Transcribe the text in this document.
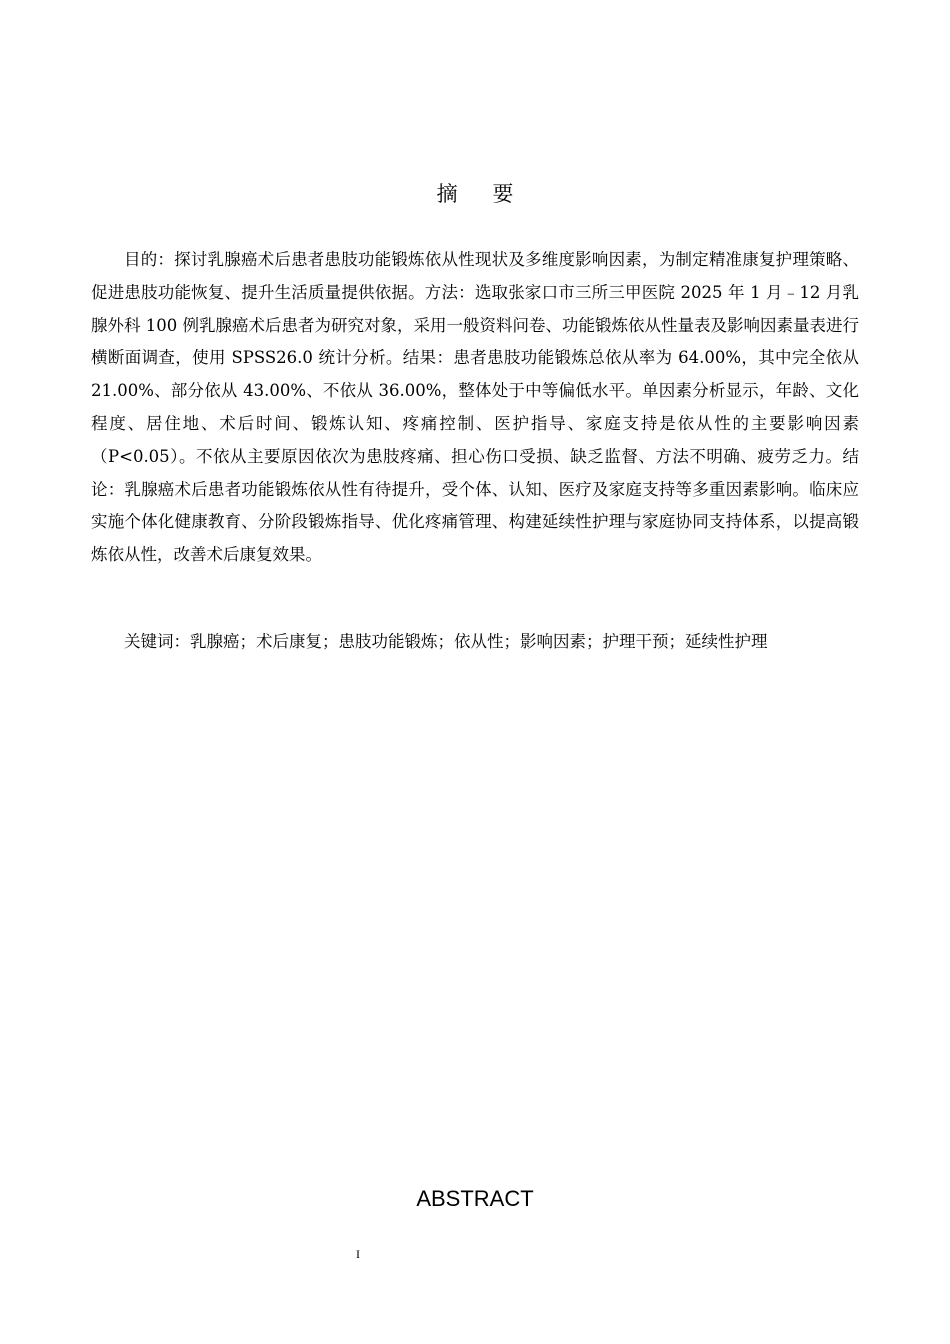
摘 要

目的：探讨乳腺癌术后患者患肢功能锻炼依从性现状及多维度影响因素，为制定精准康复护理策略、促进患肢功能恢复、提升生活质量提供依据。方法：选取张家口市三所三甲医院 2025 年 1 月﹣12 月乳腺外科 100 例乳腺癌术后患者为研究对象，采用一般资料问卷、功能锻炼依从性量表及影响因素量表进行横断面调查，使用 SPSS26.0 统计分析。结果：患者患肢功能锻炼总依从率为 64.00%，其中完全依从 21.00%、部分依从 43.00%、不依从 36.00%，整体处于中等偏低水平。单因素分析显示，年龄、文化程度、居住地、术后时间、锻炼认知、疼痛控制、医护指导、家庭支持是依从性的主要影响因素（P<0.05）。不依从主要原因依次为患肢疼痛、担心伤口受损、缺乏监督、方法不明确、疲劳乏力。结论：乳腺癌术后患者功能锻炼依从性有待提升，受个体、认知、医疗及家庭支持等多重因素影响。临床应实施个体化健康教育、分阶段锻炼指导、优化疼痛管理、构建延续性护理与家庭协同支持体系，以提高锻炼依从性，改善术后康复效果。

关键词：乳腺癌；术后康复；患肢功能锻炼；依从性；影响因素；护理干预；延续性护理

ABSTRACT
I
